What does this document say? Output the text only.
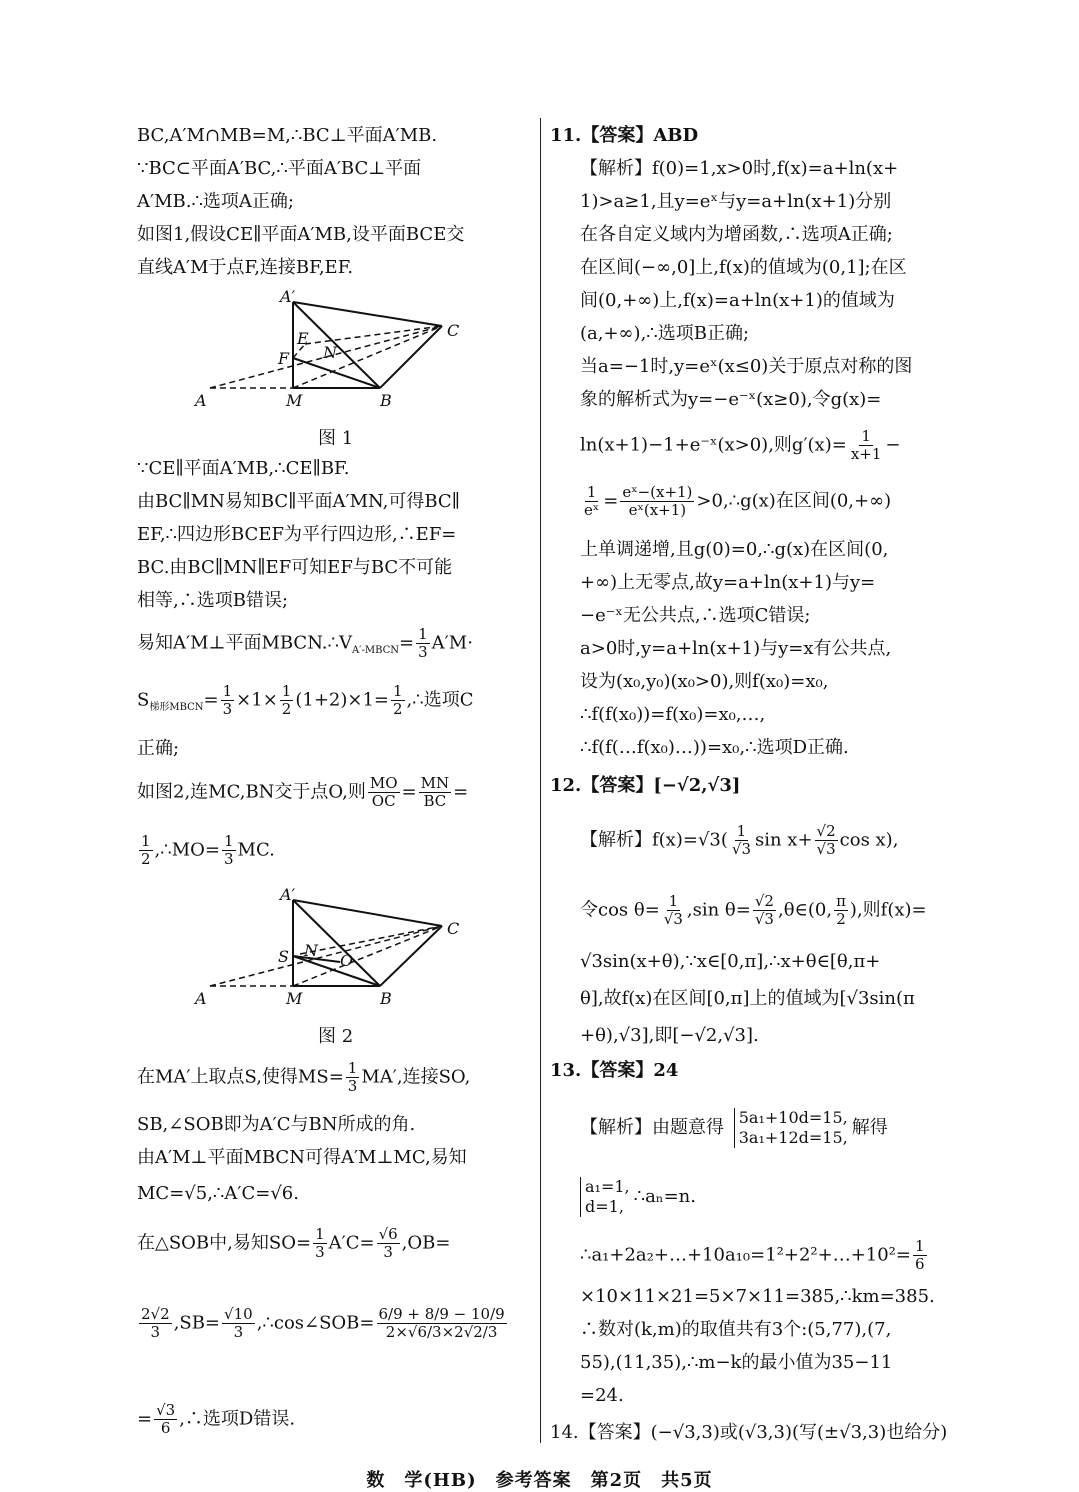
BC,A′M∩MB=M,∴BC⊥平面A′MB.
∵BC⊂平面A′BC,∴平面A′BC⊥平面
A′MB.∴选项A正确;
如图1,假设CE∥平面A′MB,设平面BCE交
直线A′M于点F,连接BF,EF.
A′
C
E
F N
A	M	B
图 1
∵CE∥平面A′MB,∴CE∥BF.
由BC∥MN易知BC∥平面A′MN,可得BC∥
EF,∴四边形BCEF为平行四边形,∴EF=
BC.由BC∥MN∥EF可知EF与BC不可能
相等,∴选项B错误;
易知A′M⊥平面$MBCN.\therefore V_{A'-MBCN}= \frac{1}{3} A'M\cdot$
$S_{梯形MBCN}= \frac{1}{3} \times 1\times \frac{1}{2} (1+2)\times 1= \frac{1}{2}$ ,∴选项C
正确;
如图2,连MC,BN交于点O,则 $\frac{MO}{OC} = \frac{MN}{BC}$ =
$\frac{1}{2}$ ,∴MO= $\frac{1}{3}$ MC.
A′
C
S N
O
A	M	B
图 2
在MA′上取点S,使得$MS= \frac{1}{3} MA'$,连接SO,
SB,∠SOB即为A′C与BN所成的角.
由A′M⊥平面MBCN可得A′M⊥MC,易知
MC=√5,∴A′C=√6.
在△SOB中,易知$SO= \frac{1}{3} A'C= \frac{√6}{3} ,OB=$
$\frac{2√2}{3} ,SB= \frac{√10}{3}$ ,∴cos∠SOB= $\frac{6/9 + 8/9 - 10/9}{2\times√6/3\times 2√2/3}$
= $\frac{√3}{6}$ ,∴选项D错误.
11.【答案】ABD
【解析】f(0)=1,x>0时,f(x)=a+ln(x+
1)>a≥1,且y=eˣ与y=a+ln(x+1)分别
在各自定义域内为增函数,∴选项A正确;
在区间(−∞,0]上,f(x)的值域为(0,1];在区
间(0,+∞)上,f(x)=a+ln(x+1)的值域为
(a,+∞),∴选项B正确;
当a=−1时,y=eˣ(x≤0)关于原点对称的图
象的解析式为y=−e⁻ˣ(x≥0),令g(x)=
ln(x+1)−1+e⁻ˣ(x>0),则$g'(x)= \frac{1}{x+1}$ −
$\frac{1}{\text{eˣ}} = \frac{\text{eˣ−(x+1)}}{\text{eˣ(x+1)}}$ >0,∴g(x)在区间(0,+∞)
上单调递增,且g(0)=0,∴g(x)在区间(0,
+∞)上无零点,故y=a+ln(x+1)与y=
−e⁻ˣ无公共点,∴选项C错误;
a>0时,y=a+ln(x+1)与y=x有公共点,
设为(x₀,y₀)(x₀>0),则f(x₀)=x₀,
∴f(f(x₀))=f(x₀)=x₀,…,
∴f(f(…f(x₀)…))=x₀,∴选项D正确.
12.【答案】[−√2,√3]
【解析】$f(x)=√3( \frac{1}{√3}$ $\sin x+ \frac{√2}{√3}$ cos x),
令$\cos \theta= \frac{1}{√3} ,\sin$ $\theta= \frac{√2}{√3}$ ,θ∈(0, $\frac{\pi}{2}$ ),则f(x)=
√3sin(x+θ),∵x∈[0,π],∴x+θ∈[θ,π+
θ],故f(x)在区间[0,π]上的值域为[√3sin(π
+θ),√3],即[−√2,√3].
13.【答案】24
【解析】由题意得 5a₁+10d=15,
3a₁+12d=15, 解得
a₁=1,
d=1, ∴aₙ=n.
∴a₁+2a₂+…+10a₁₀=1²+2²+…+10²= $\frac{1}{6}$
×10×11×21=5×7×11=385,∴km=385.
∴数对(k,m)的取值共有3个:(5,77),(7,
55),(11,35),∴m−k的最小值为35−11
=24.
14.【答案】(−√3,3)或(√3,3)(写(±√3,3)也给分)
数　学(HB)　参考答案　第2页　共5页
